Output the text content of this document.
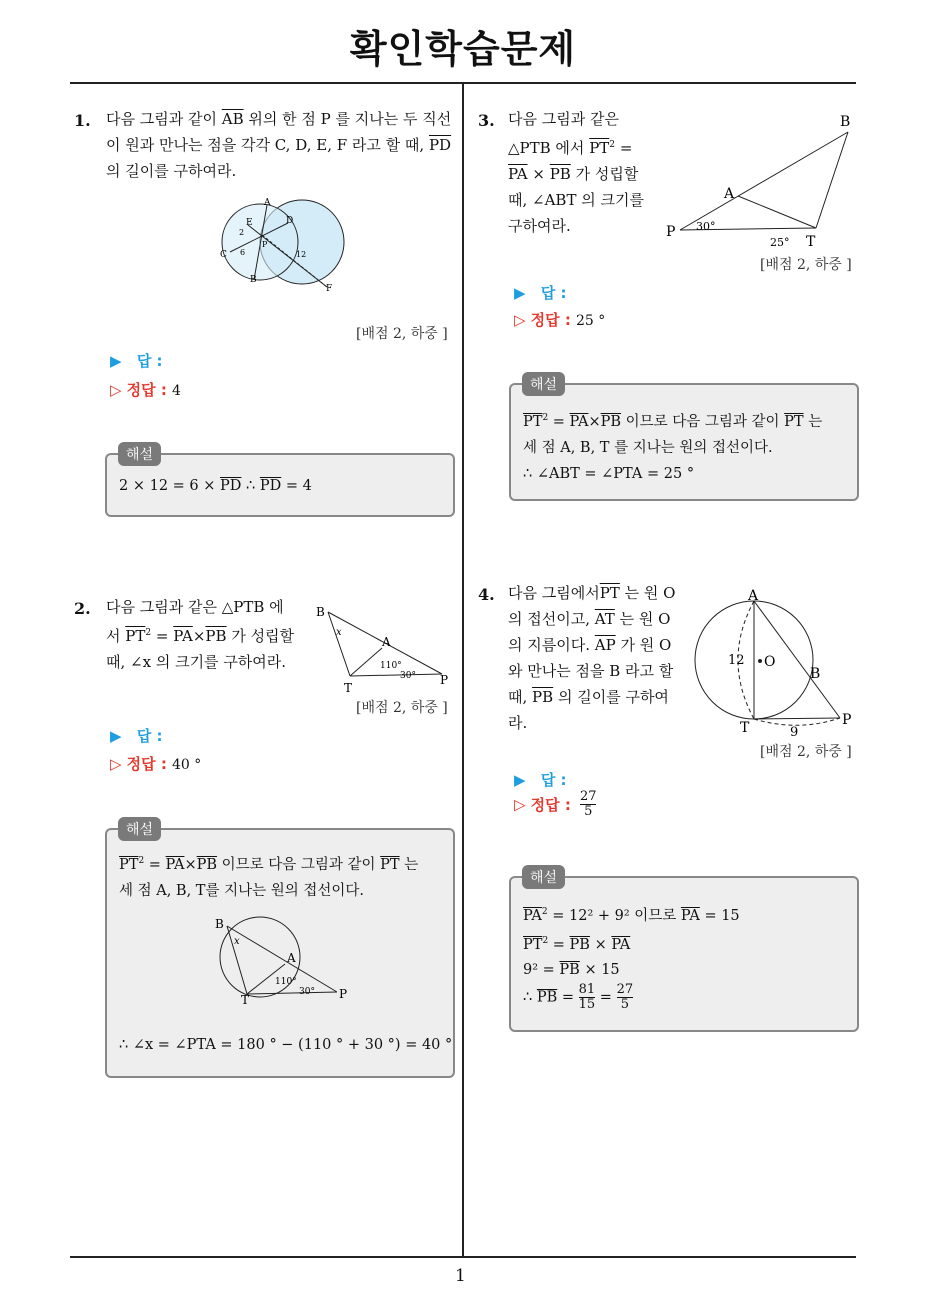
확인학습문제
1
1. 다음 그림과 같이 $\overline{AB}$ 위의 한 점 P 를 지나는 두 직선
이 원과 만나는 점을 각각 C, D, E, F 라고 할 때, $\overline{PD}$
의 길이를 구하여라.
A
E	D
C
B
F
P
2
6	12
[배점 2, 하중 ]
▶ 답 :
▷ 정답 : 4
$2 \times 12 = 6 \times \overline{PD}$ ∴ $\overline{PD} = 4$
해설
2. 다음 그림과 같은 △PTB 에
서 $\overline{PT}^2 = \overline{PA}\times\overline{PB}$ 가 성립할
때, ∠x 의 크기를 구하여라.
B
A
T
P
x
110°
30°
[배점 2, 하중 ]
▶ 답 :
▷ 정답 : 40 °
$\overline{PT}^2 = \overline{PA}\times\overline{PB}$ 이므로 다음 그림과 같이 $\overline{PT}$ 는
세 점 A, B, T를 지나는 원의 접선이다.
B
A
T	P
x
110°
30°
∴ ∠x = ∠PTA = 180 ° − (110 ° + 30 °) = 40 °
해설
3. 다음 그림과 같은
△PTB 에서 $\overline{PT}^2$ =
$\overline{PA} \times \overline{PB}$ 가 성립할
때, ∠ABT 의 크기를
구하여라.
B
A
P
T
30°
25°
[배점 2, 하중 ]
▶ 답 :
▷ 정답 : 25 °
$\overline{PT}^2 = \overline{PA}\times\overline{PB}$ 이므로 다음 그림과 같이 $\overline{PT}$ 는
세 점 A, B, T 를 지나는 원의 접선이다.
∴ ∠ABT = ∠PTA = 25 °
해설
4. 다음 그림에서$\overline{PT}$ 는 원 O
의 접선이고, $\overline{AT}$ 는 원 O
의 지름이다. $\overline{AP}$ 가 원 O
와 만나는 점을 B 라고 할
때, $\overline{PB}$ 의 길이를 구하여
라.
A
O
B
T	P
12
9
[배점 2, 하중 ]
▶ 답 :
▷ 정답 : $\frac{27}{5}$
$\overline{PA}^2 = 12^2 + 9^2$ 이므로 $\overline{PA} = 15$
$\overline{PT}^2 = \overline{PB} \times \overline{PA}$
$9^2 = \overline{PB} \times 15$
∴ $\overline{PB} = \frac{81}{15} = \frac{27}{5}$
해설
